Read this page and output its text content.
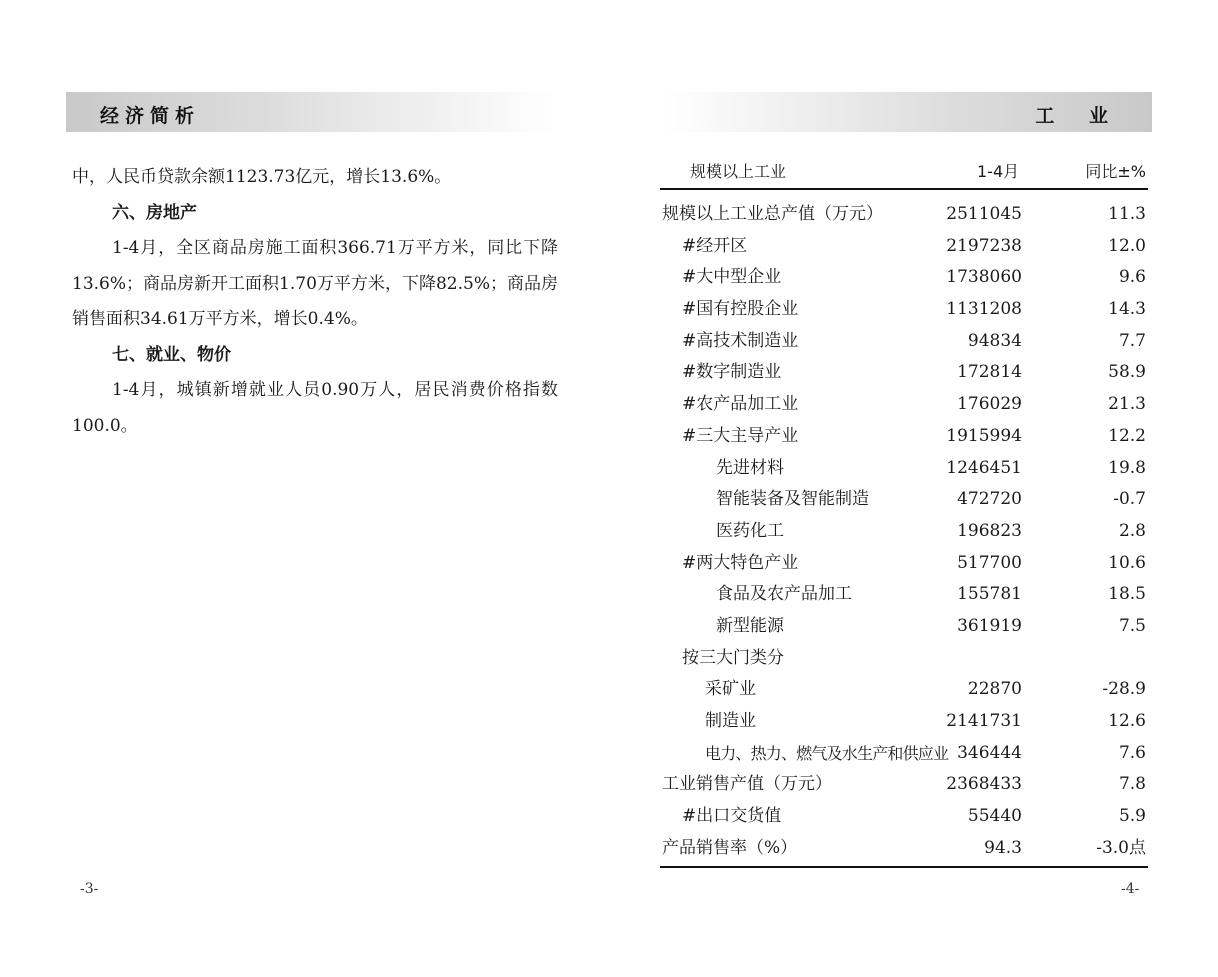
经济简析

中，人民币贷款余额1123.73亿元，增长13.6%。

六、房地产

1-4月，全区商品房施工面积366.71万平方米，同比下降13.6%；商品房新开工面积1.70万平方米，下降82.5%；商品房销售面积34.61万平方米，增长0.4%。

七、就业、物价

1-4月，城镇新增就业人员0.90万人，居民消费价格指数100.0。

-3-
工 业
规模以上工业	1-4月	同比±%
规模以上工业总产值（万元）	2511045	11.3
#经开区	2197238	12.0
#大中型企业	1738060	9.6
#国有控股企业	1131208	14.3
#高技术制造业	94834	7.7
#数字制造业	172814	58.9
#农产品加工业	176029	21.3
#三大主导产业	1915994	12.2
先进材料	1246451	19.8
智能装备及智能制造	472720	-0.7
医药化工	196823	2.8
#两大特色产业	517700	10.6
食品及农产品加工	155781	18.5
新型能源	361919	7.5
按三大门类分
采矿业	22870	-28.9
制造业	2141731	12.6
电力、热力、燃气及水生产和供应业 346444	7.6
工业销售产值（万元）	2368433	7.8
#出口交货值	55440	5.9
产品销售率（%）	94.3	-3.0点
-4-
